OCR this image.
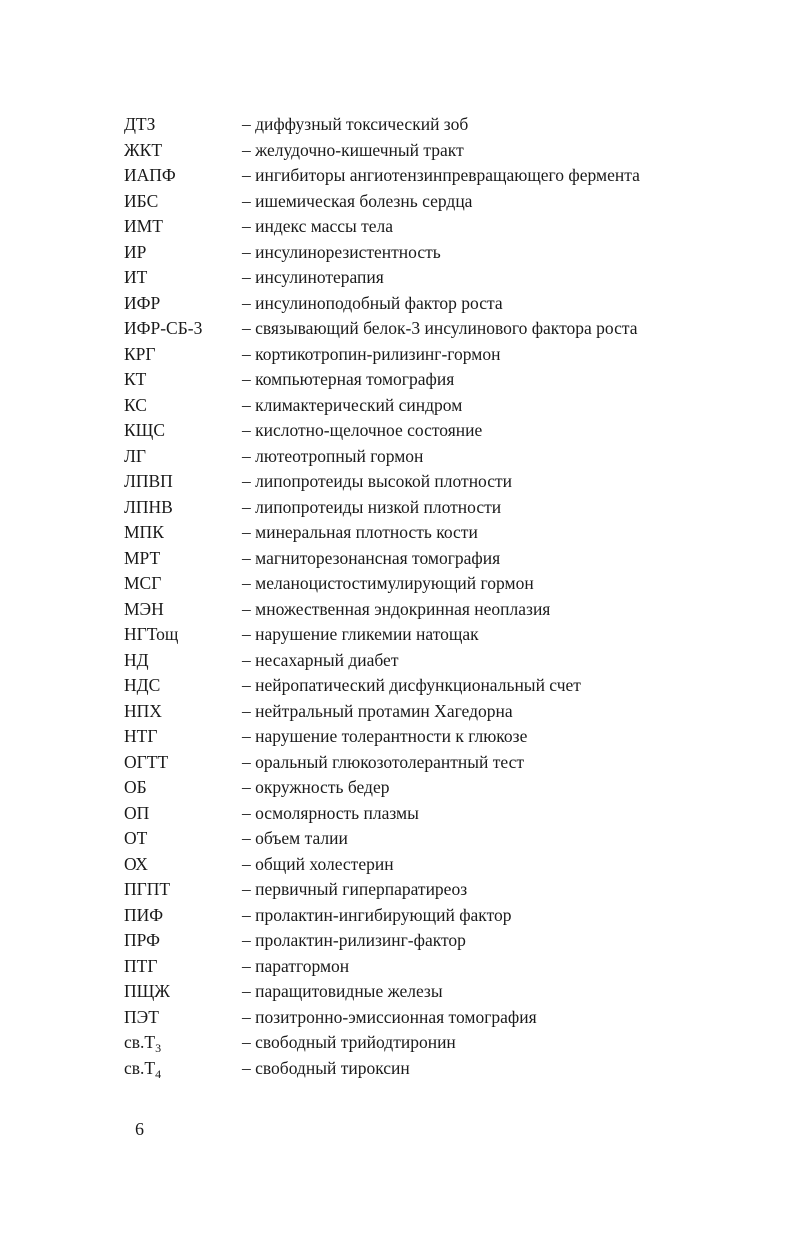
ДТЗ	– диффузный токсический зоб
ЖКТ	– желудочно-кишечный тракт
ИАПФ	– ингибиторы ангиотензинпревращающего фермента
ИБС	– ишемическая болезнь сердца
ИМТ	– индекс массы тела
ИР	– инсулинорезистентность
ИТ	– инсулинотерапия
ИФР	– инсулиноподобный фактор роста
ИФР-СБ-3	– связывающий белок-3 инсулинового фактора роста
КРГ	– кортикотропин-рилизинг-гормон
КТ	– компьютерная томография
КС	– климактерический синдром
КЩС	– кислотно-щелочное состояние
ЛГ	– лютеотропный гормон
ЛПВП	– липопротеиды высокой плотности
ЛПНВ	– липопротеиды низкой плотности
МПК	– минеральная плотность кости
МРТ	– магниторезонансная томография
МСГ	– меланоцистостимулирующий гормон
МЭН	– множественная эндокринная неоплазия
НГТощ	– нарушение гликемии натощак
НД	– несахарный диабет
НДС	– нейропатический дисфункциональный счет
НПХ	– нейтральный протамин Хагедорна
НТГ	– нарушение толерантности к глюкозе
ОГТТ	– оральный глюкозотолерантный тест
ОБ	– окружность бедер
ОП	– осмолярность плазмы
ОТ	– объем талии
ОХ	– общий холестерин
ПГПТ	– первичный гиперпаратиреоз
ПИФ	– пролактин-ингибирующий фактор
ПРФ	– пролактин-рилизинг-фактор
ПТГ	– паратгормон
ПЩЖ	– паращитовидные железы
ПЭТ	– позитронно-эмиссионная томография
$св.Т_3$	– свободный трийодтиронин
$св.Т_4$	– свободный тироксин
6
